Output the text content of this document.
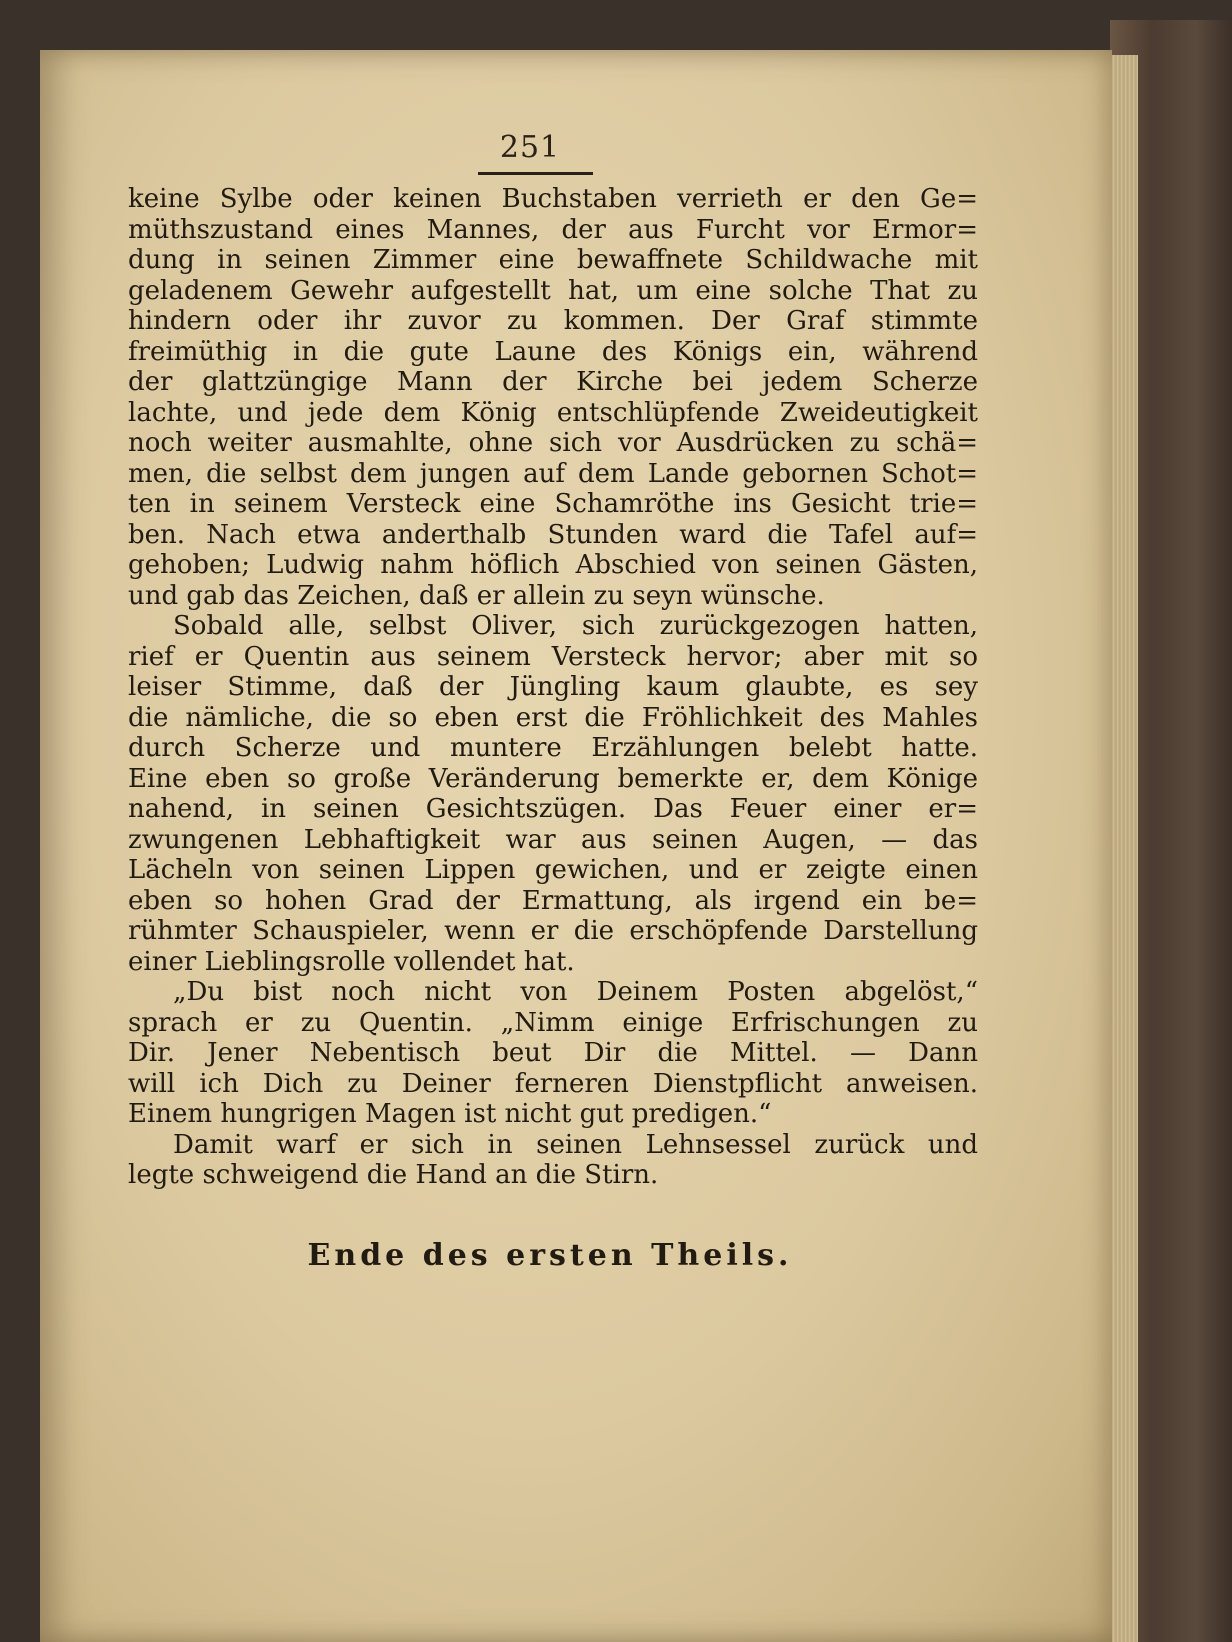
251
keine Sylbe oder keinen Buchstaben verrieth er den Ge=
müthszustand eines Mannes, der aus Furcht vor Ermor=
dung in seinen Zimmer eine bewaffnete Schildwache mit
geladenem Gewehr aufgestellt hat, um eine solche That zu
hindern oder ihr zuvor zu kommen. Der Graf stimmte
freimüthig in die gute Laune des Königs ein, während
der glattzüngige Mann der Kirche bei jedem Scherze
lachte, und jede dem König entschlüpfende Zweideutigkeit
noch weiter ausmahlte, ohne sich vor Ausdrücken zu schä=
men, die selbst dem jungen auf dem Lande gebornen Schot=
ten in seinem Versteck eine Schamröthe ins Gesicht trie=
ben. Nach etwa anderthalb Stunden ward die Tafel auf=
gehoben; Ludwig nahm höflich Abschied von seinen Gästen,
und gab das Zeichen, daß er allein zu seyn wünsche.
Sobald alle, selbst Oliver, sich zurückgezogen hatten,
rief er Quentin aus seinem Versteck hervor; aber mit so
leiser Stimme, daß der Jüngling kaum glaubte, es sey
die nämliche, die so eben erst die Fröhlichkeit des Mahles
durch Scherze und muntere Erzählungen belebt hatte.
Eine eben so große Veränderung bemerkte er, dem Könige
nahend, in seinen Gesichtszügen. Das Feuer einer er=
zwungenen Lebhaftigkeit war aus seinen Augen, — das
Lächeln von seinen Lippen gewichen, und er zeigte einen
eben so hohen Grad der Ermattung, als irgend ein be=
rühmter Schauspieler, wenn er die erschöpfende Darstellung
einer Lieblingsrolle vollendet hat.
„Du bist noch nicht von Deinem Posten abgelöst,“
sprach er zu Quentin. „Nimm einige Erfrischungen zu
Dir. Jener Nebentisch beut Dir die Mittel. — Dann
will ich Dich zu Deiner ferneren Dienstpflicht anweisen.
Einem hungrigen Magen ist nicht gut predigen.“
Damit warf er sich in seinen Lehnsessel zurück und
legte schweigend die Hand an die Stirn.
Ende des ersten Theils.
